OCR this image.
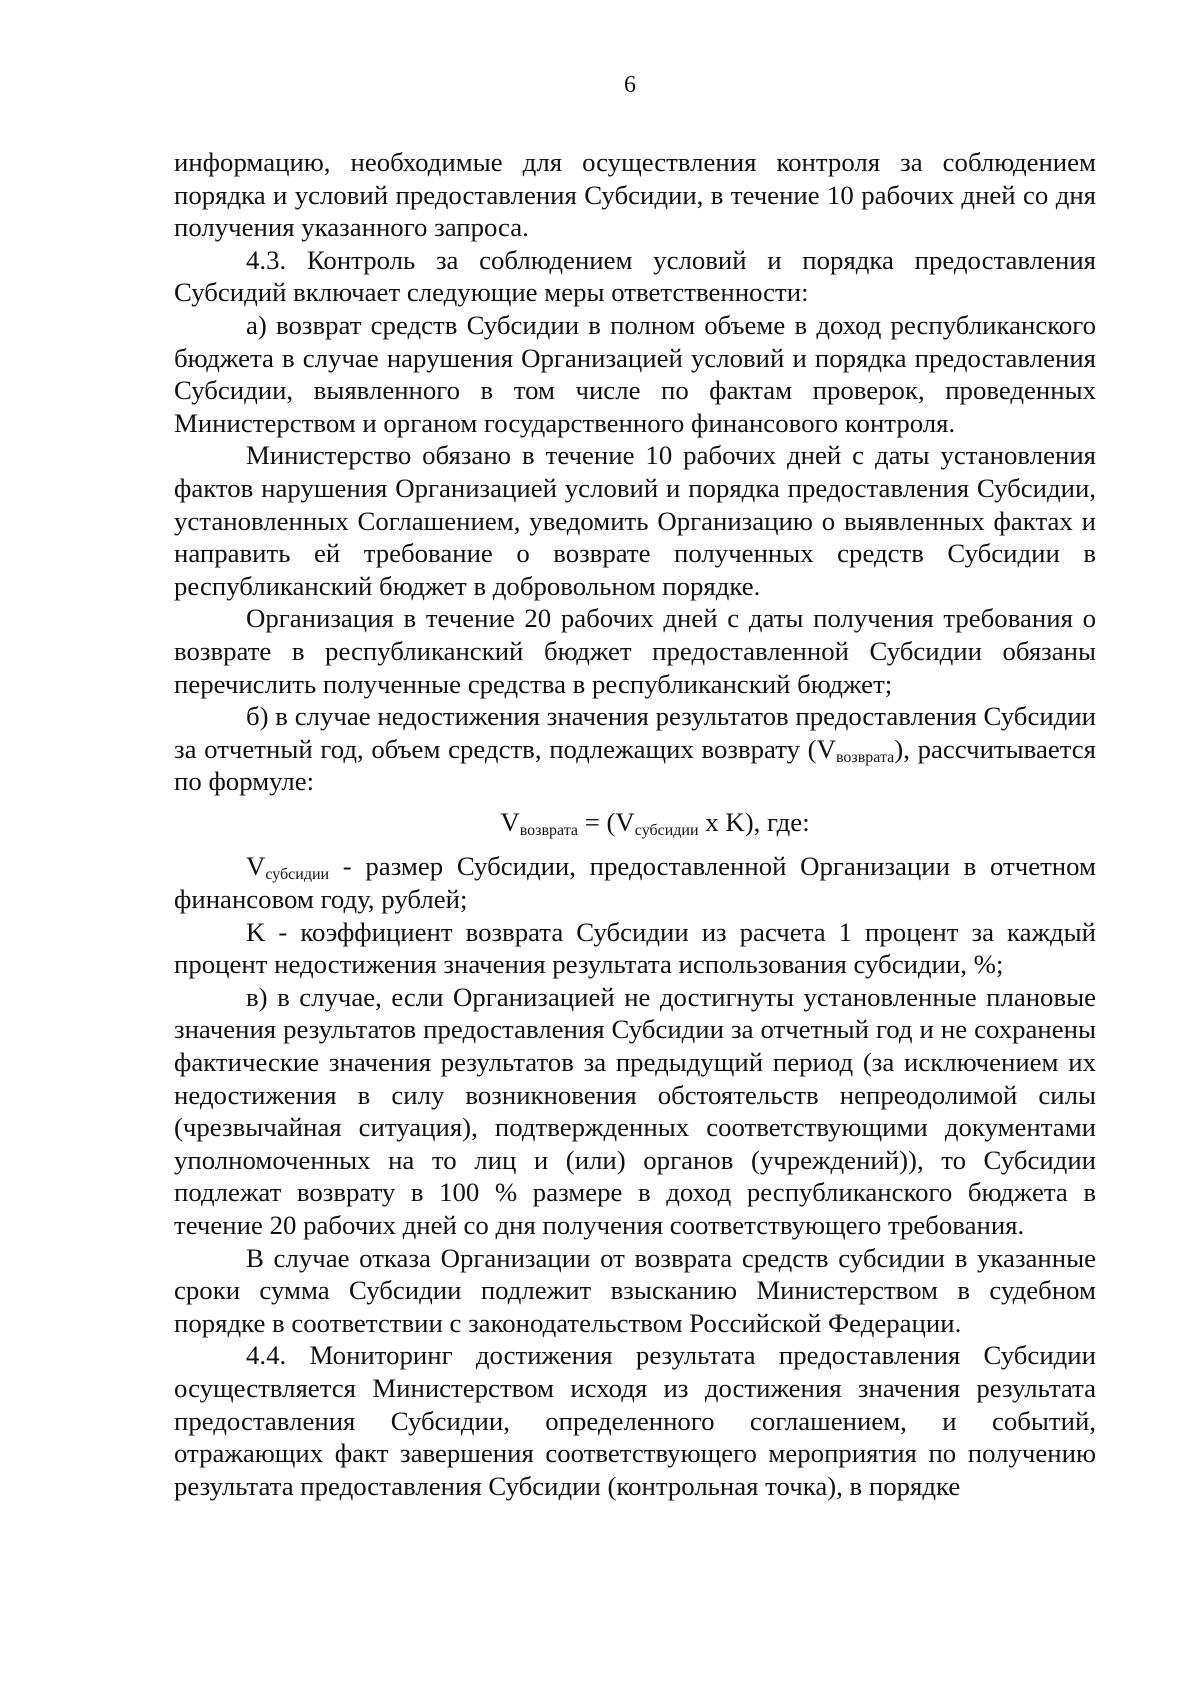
6

информацию, необходимые для осуществления контроля за соблюдением порядка и условий предоставления Субсидии, в течение 10 рабочих дней со дня получения указанного запроса.

4.3. Контроль за соблюдением условий и порядка предоставления Субсидий включает следующие меры ответственности:

а) возврат средств Субсидии в полном объеме в доход республиканского бюджета в случае нарушения Организацией условий и порядка предоставления Субсидии, выявленного в том числе по фактам проверок, проведенных Министерством и органом государственного финансового контроля.

Министерство обязано в течение 10 рабочих дней с даты установления фактов нарушения Организацией условий и порядка предоставления Субсидии, установленных Соглашением, уведомить Организацию о выявленных фактах и направить ей требование о возврате полученных средств Субсидии в республиканский бюджет в добровольном порядке.

Организация в течение 20 рабочих дней с даты получения требования о возврате в республиканский бюджет предоставленной Субсидии обязаны перечислить полученные средства в республиканский бюджет;

б) в случае недостижения значения результатов предоставления Субсидии за отчетный год, объем средств, подлежащих возврату $(V_{возврата})$, рассчитывается по формуле:

$V_{возврата} = (V_{субсидии}$ x K), где:

$V_{субсидии}$ - размер Субсидии, предоставленной Организации в отчетном финансовом году, рублей;

K - коэффициент возврата Субсидии из расчета 1 процент за каждый процент недостижения значения результата использования субсидии, %;

в) в случае, если Организацией не достигнуты установленные плановые значения результатов предоставления Субсидии за отчетный год и не сохранены фактические значения результатов за предыдущий период (за исключением их недостижения в силу возникновения обстоятельств непреодолимой силы (чрезвычайная ситуация), подтвержденных соответствующими документами уполномоченных на то лиц и (или) органов (учреждений)), то Субсидии подлежат возврату в 100 % размере в доход республиканского бюджета в течение 20 рабочих дней со дня получения соответствующего требования.

В случае отказа Организации от возврата средств субсидии в указанные сроки сумма Субсидии подлежит взысканию Министерством в судебном порядке в соответствии с законодательством Российской Федерации.

4.4. Мониторинг достижения результата предоставления Субсидии осуществляется Министерством исходя из достижения значения результата предоставления Субсидии, определенного соглашением, и событий, отражающих факт завершения соответствующего мероприятия по получению результата предоставления Субсидии (контрольная точка), в порядке
